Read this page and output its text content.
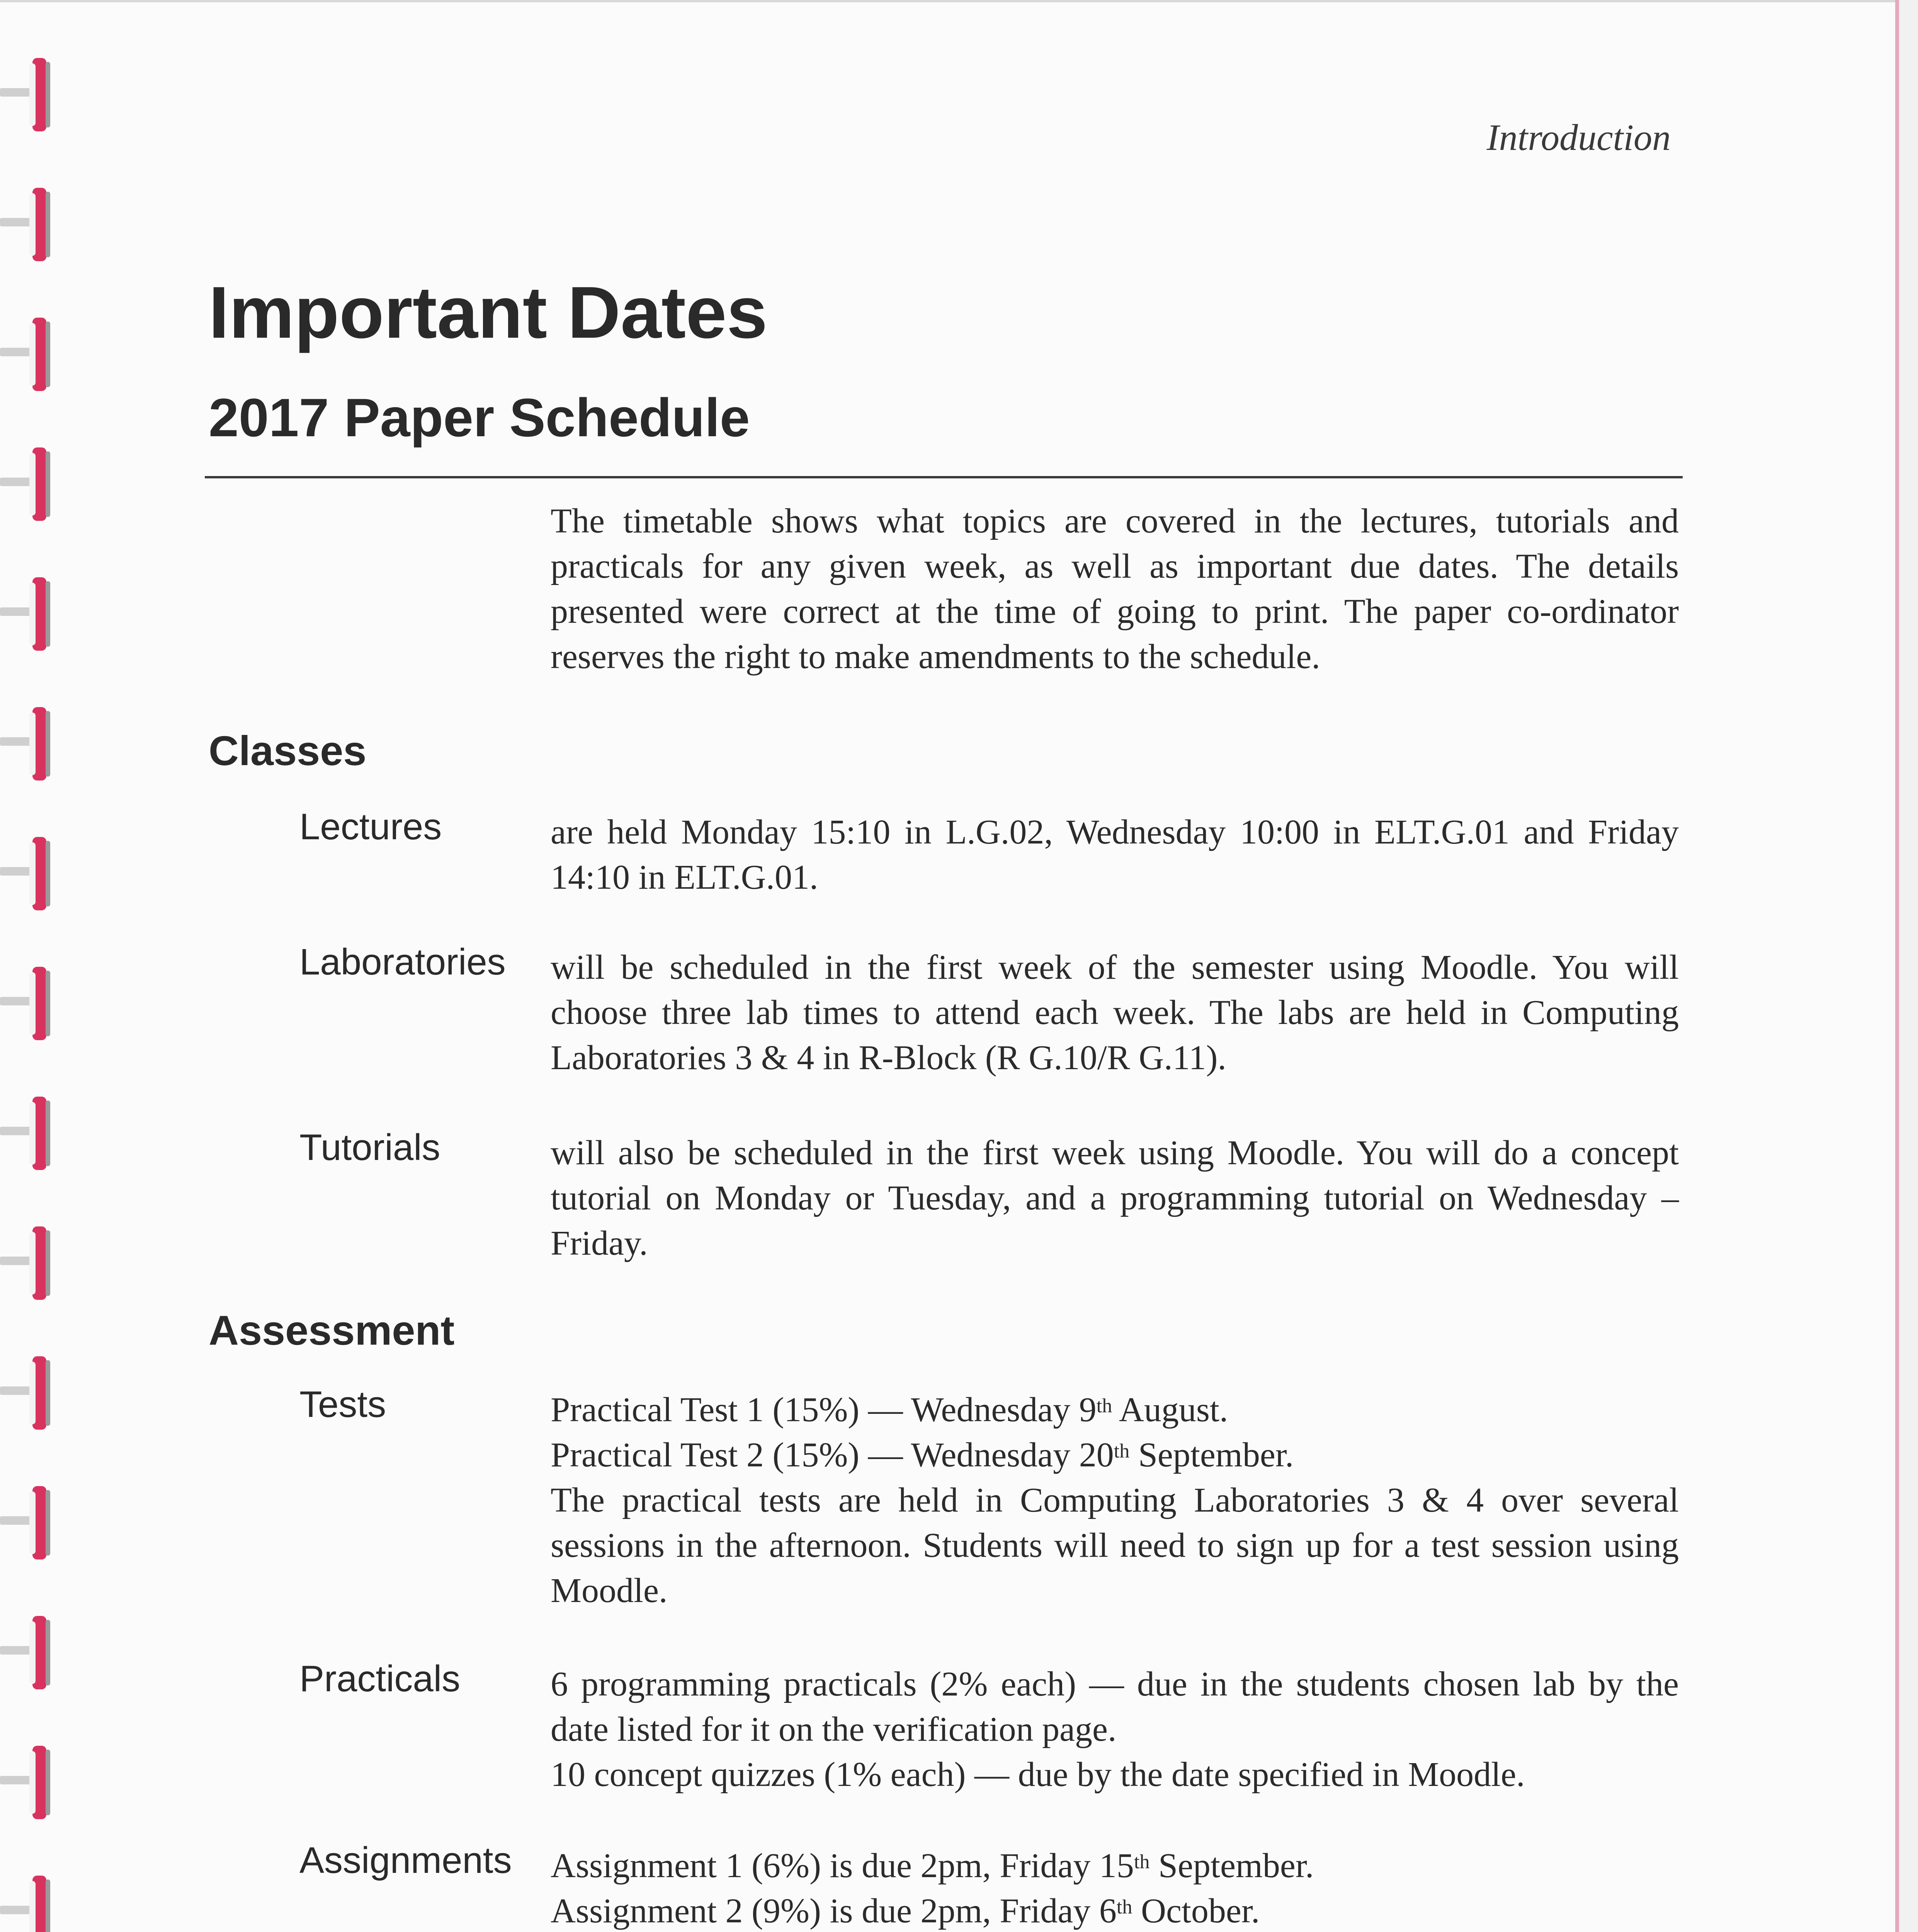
Introduction
Important Dates
2017 Paper Schedule
The timetable shows what topics are covered in the lectures, tutorials and practicals for any given week, as well as important due dates. The details presented were correct at the time of going to print. The paper co-ordinator reserves the right to make amendments to the schedule.
Classes
Lectures	are held Monday 15:10 in L.G.02, Wednesday 10:00 in ELT.G.01 and Friday 14:10 in ELT.G.01.
Laboratories will be scheduled in the first week of the semester using Moodle. You will choose three lab times to attend each week. The labs are held in Computing Laboratories 3 & 4 in R-Block (R G.10/R G.11).
Tutorials	will also be scheduled in the first week using Moodle. You will do a concept tutorial on Monday or Tuesday, and a programming tutorial on Wednesday – Friday.
Assessment
Tests	Practical Test 1 (15%) — Wednesday 9th August.
Practical Test 2 (15%) — Wednesday 20th September.
The practical tests are held in Computing Laboratories 3 & 4 over several sessions in the afternoon. Students will need to sign up for a test session using Moodle.
Practicals	6 programming practicals (2% each) — due in the students chosen lab by the date listed for it on the verification page.
10 concept quizzes (1% each) — due by the date specified in Moodle.
Assignments Assignment 1 (6%) is due 2pm, Friday 15th September.
Assignment 2 (9%) is due 2pm, Friday 6th October.
